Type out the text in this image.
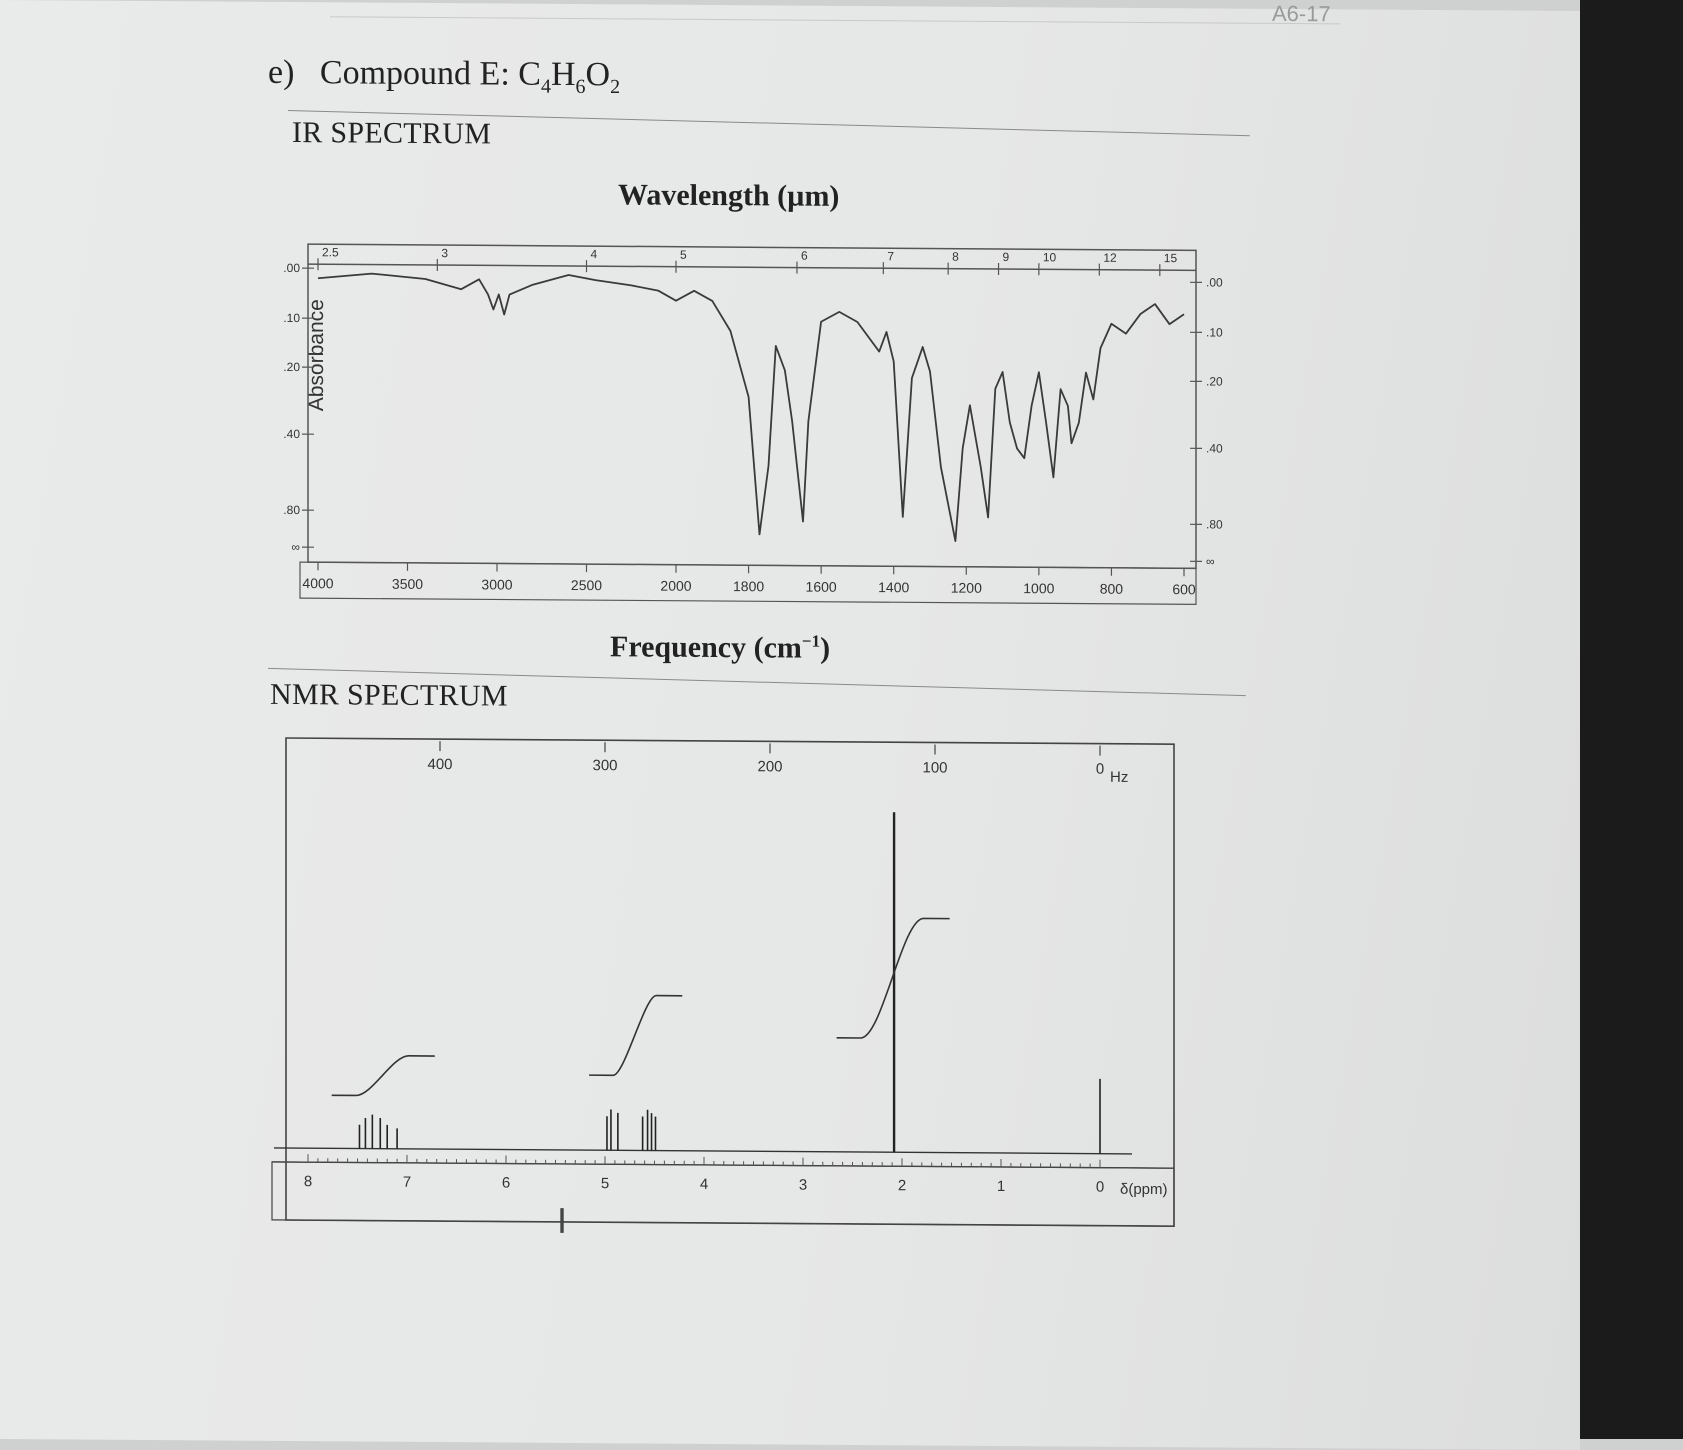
A6-17
e) Compound E: $C_4H_6O_2$
IR SPECTRUM
Wavelength (µm)
Frequency $(cm^{-1})$
NMR SPECTRUM
Absorbance
4000	3500	3000	2500	2000	1800	1600	1400	1200	1000	800	600
2.5	3	4	5	6	7	8	9	10	12	15
.00
.10
.20
.40
.80
∞
.00
.10
.20
.40
.80
∞
8	7	6	5	4	3	2	1	0 δ(ppm)
400	300	200	100	0 Hz
I
